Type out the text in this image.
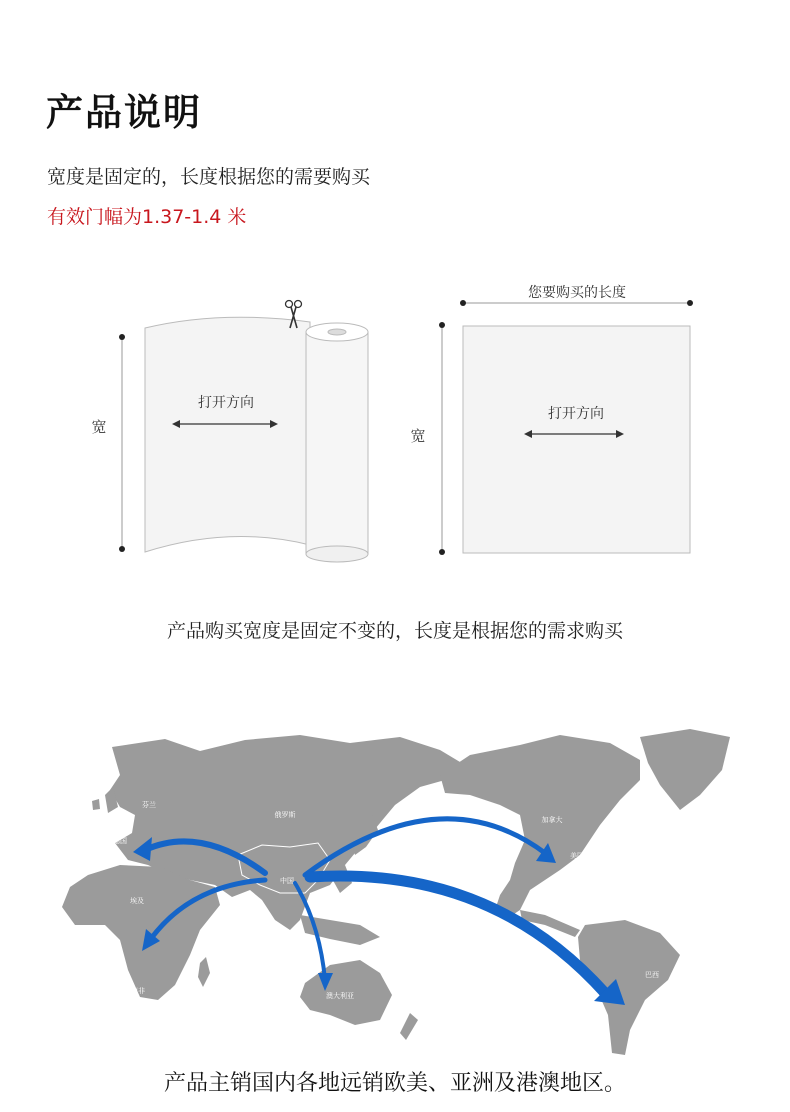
产品说明
宽度是固定的，长度根据您的需要购买
有效门幅为1.37-1.4 米
宽
打开方向
您要购买的长度
宽
打开方向
产品购买宽度是固定不变的，长度是根据您的需求购买
芬兰
俄罗斯
德国
法国
埃及
南非
中国
澳大利亚
加拿大
美国
巴西
产品主销国内各地远销欧美、亚洲及港澳地区。
